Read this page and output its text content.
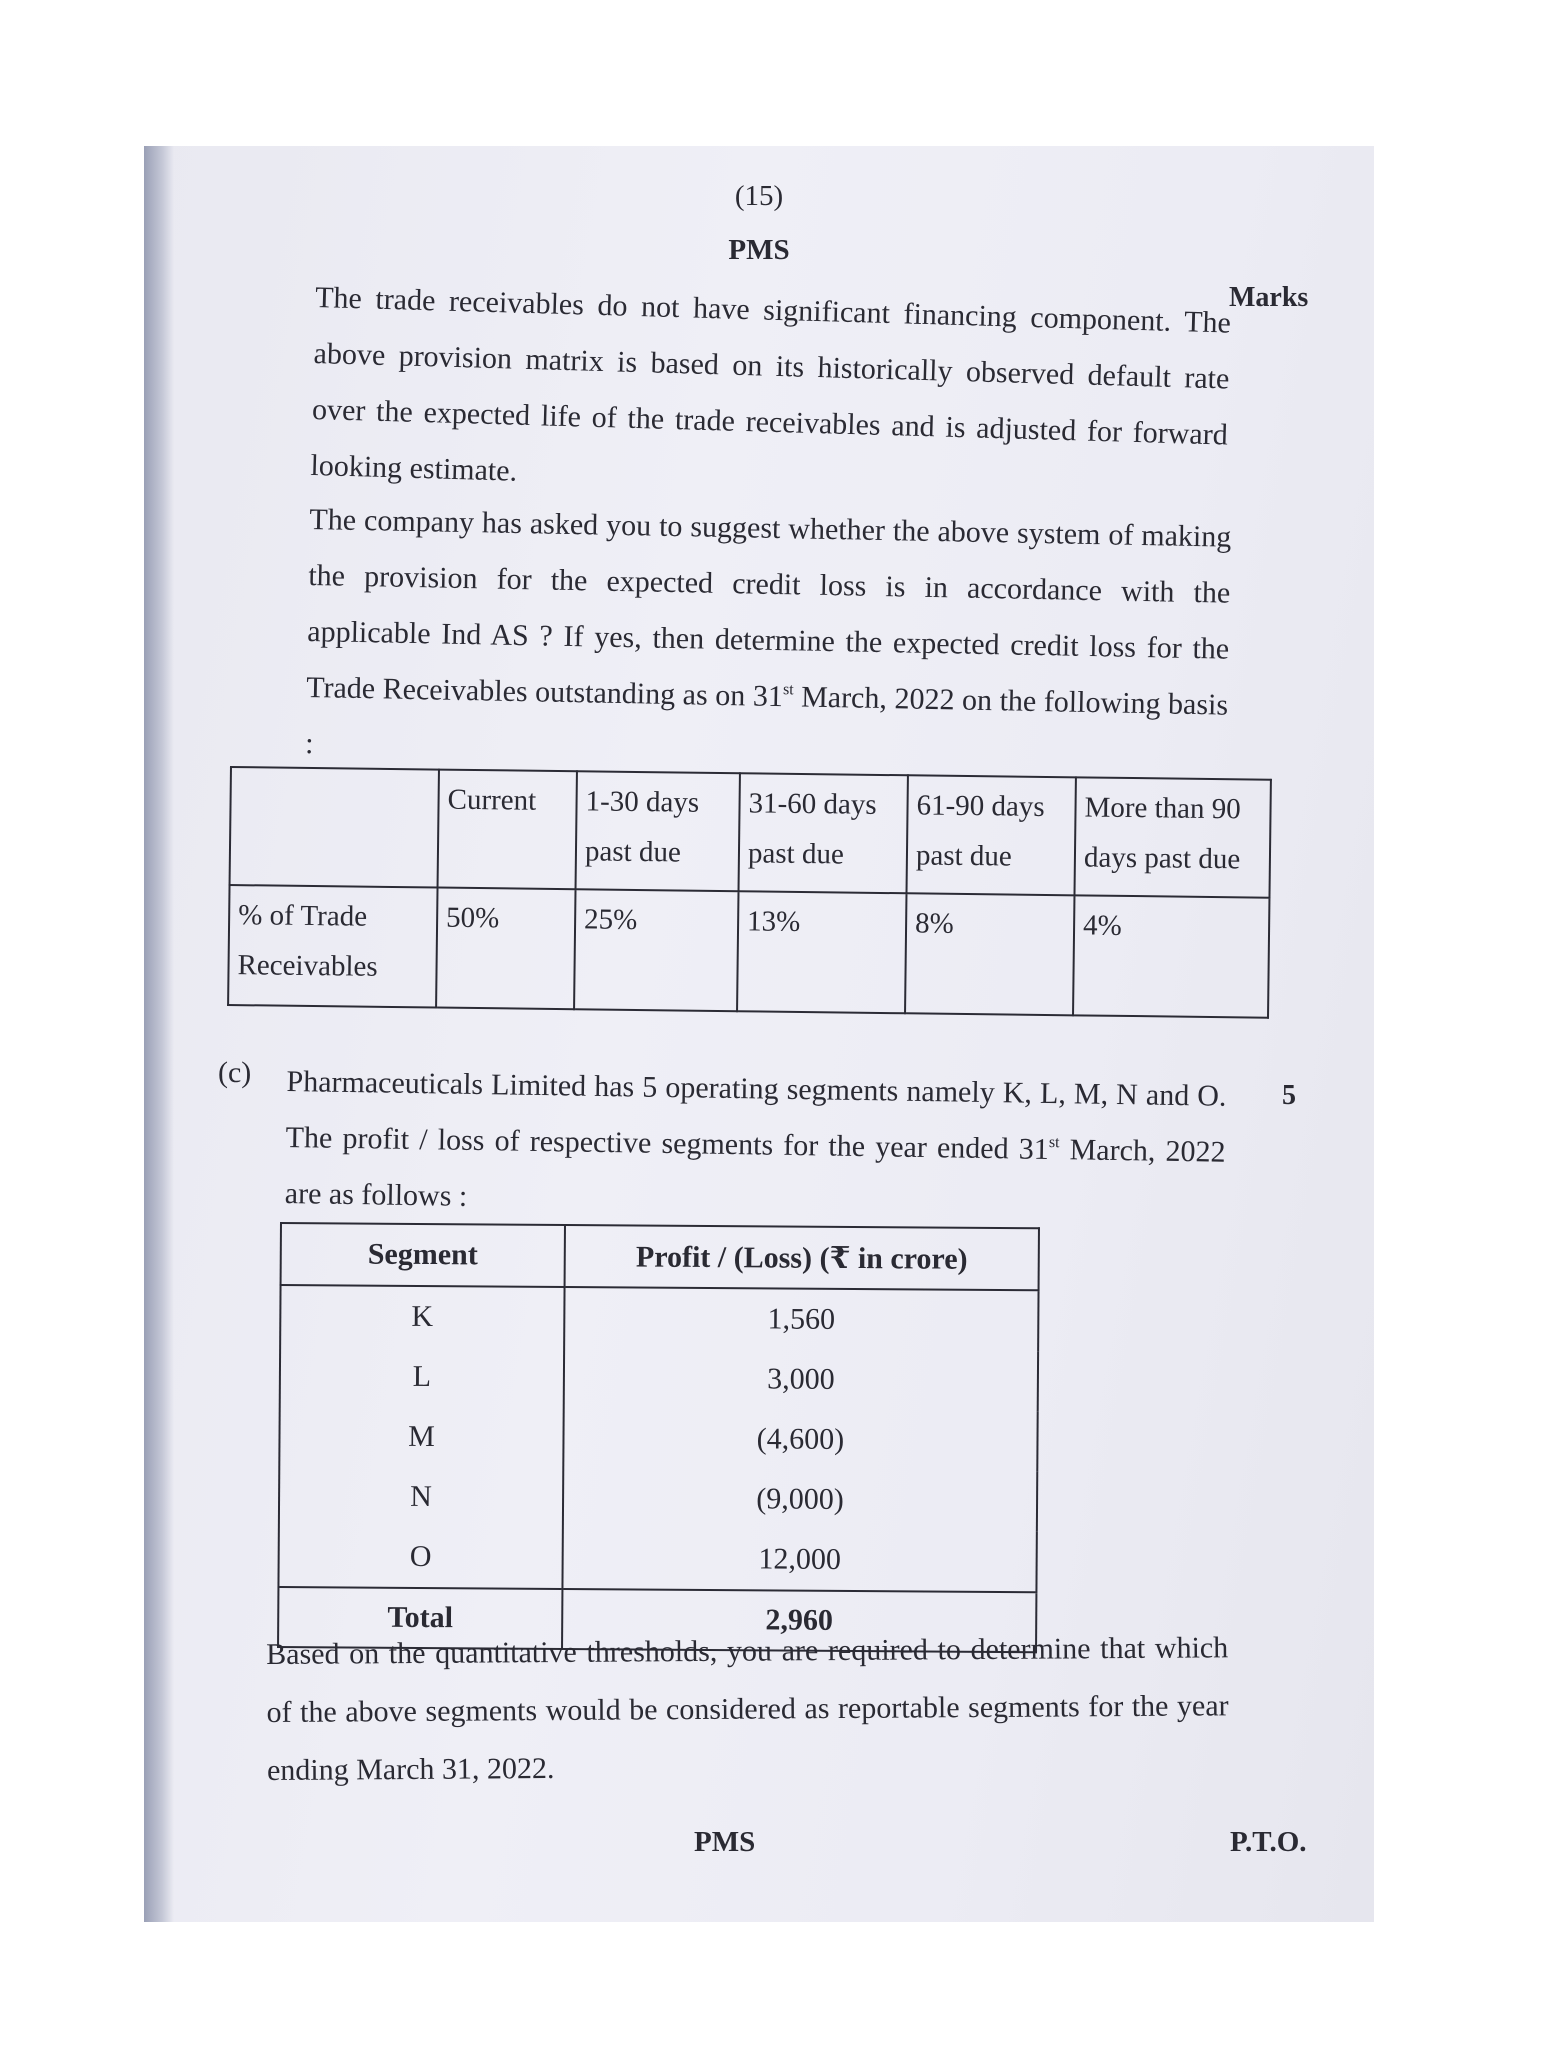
(15)
PMS
Marks
The trade receivables do not have significant financing component. The above provision matrix is based on its historically observed default rate over the expected life of the trade receivables and is adjusted for forward looking estimate.
The company has asked you to suggest whether the above system of making the provision for the expected credit loss is in accordance with the applicable Ind AS ? If yes, then determine the expected credit loss for the Trade Receivables outstanding as on 31st March, 2022 on the following basis :
	Current	1-30 days past due	31-60 days past due	61-90 days past due	More than 90 days past due
% of Trade Receivables	50%	25%	13%	8%	4%
(c)
5
Pharmaceuticals Limited has 5 operating segments namely K, L, M, N and O. The profit / loss of respective segments for the year ended 31st March, 2022 are as follows :
Segment	Profit / (Loss) (₹ in crore)
K	1,560
L	3,000
M	(4,600)
N	(9,000)
O	12,000
Total	2,960
Based on the quantitative thresholds, you are required to determine that which of the above segments would be considered as reportable segments for the year ending March 31, 2022.
PMS	P.T.O.
